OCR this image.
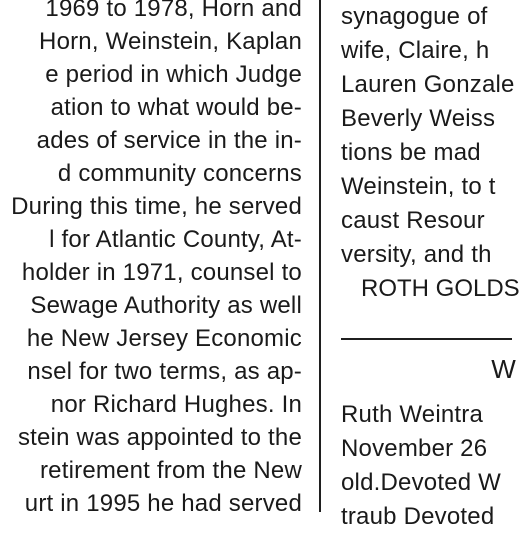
1969 to 1978, Horn and
Horn, Weinstein, Kaplan
e period in which Judge
ation to what would be-
ades of service in the in-
d community concerns
During this time, he served
l for Atlantic County, At-
holder in 1971, counsel to
Sewage Authority as well
he New Jersey Economic
nsel for two terms, as ap-
nor Richard Hughes. In
stein was appointed to the
retirement from the New
urt in 1995 he had served
synagogue of
wife, Claire, h
Lauren Gonzale
Beverly Weiss
tions be mad
Weinstein, to t
caust Resour
versity, and th
ROTH GOLDS
W
Ruth Weintra
November 26
old.Devoted W
traub Devoted
